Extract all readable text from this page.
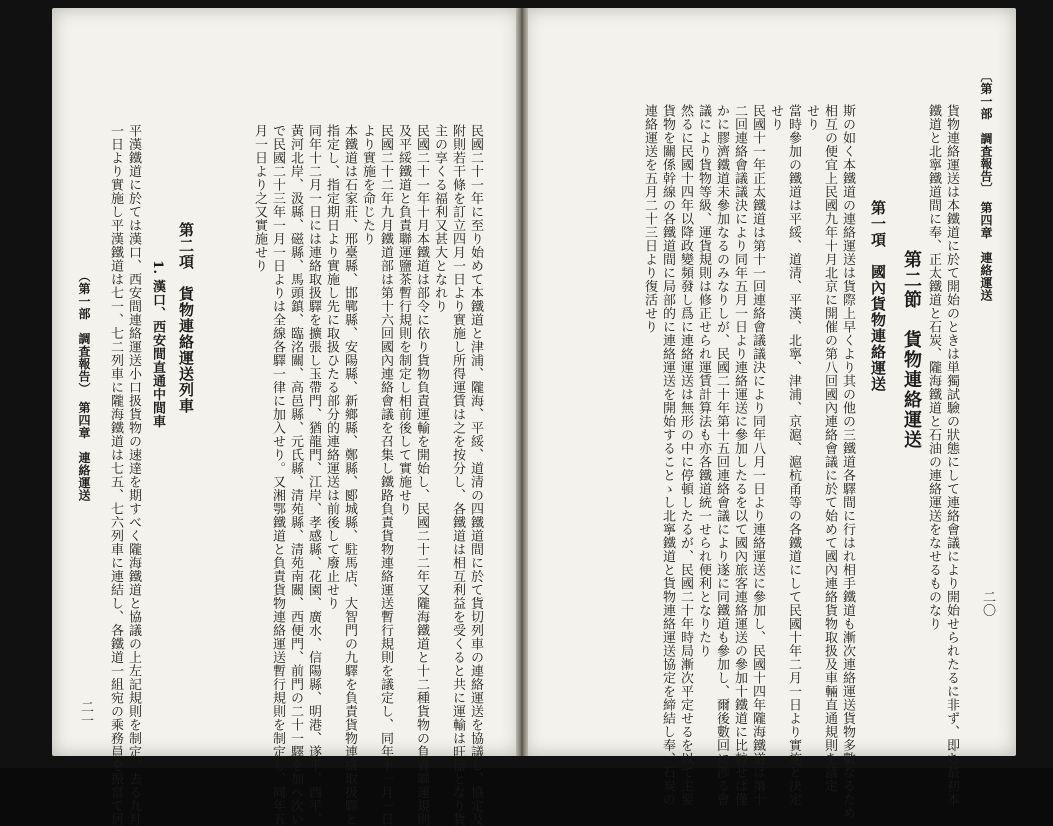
〔第一部　調査報告〕　第四章　連絡運送
二〇
貨物連絡運送は本鐵道に於て開始のときは単獨試驗の狀態にして連絡會議により開始せられたるに非ず、即ち最初本
鐵道と北寧鐵道間に奉、正太鐵道と石炭、隴海鐵道と石油の連絡運送をなせるものなり
第二節　貨物連絡運送
第一項　國內貨物連絡運送
斯の如く本鐵道の連絡運送は貨際上早くより其の他の三鐵道各驛間に行はれ相手鐵道も漸次連絡運送貨物多數なるため
相互の便宜上民國九年十月北京に開催の第八回國內連絡會議に於て始めて國內連絡貨物取扱及車輛直通規則を議定
せり
當時參加の鐵道は平綏、道清、平漢、北寧、津浦、京滬、滬杭甬等の各鐵道にして民國十年二月一日より實施と決定
せり
民國十一年正太鐵道は第十一回連絡會議議決により同年八月一日より連絡運送に參加し、民國十四年隴海鐵道は第十
二回連絡會議議決により同年五月一日より連絡運送に參加したるを以て國內旅客連絡運送の參加十鐵道に比較せば僅
かに膠濟鐵道未參加なるのみなりしが、民國二十年第十五回連絡會議により遂に同鐵道も參加し、爾後數回に渉る會
議により貨物等級、運貨規則は修正せられ運賃計算法も亦各鐵道統一せられ便利となりたり
然るに民國十四年以降政變頻發し爲に連絡運送は無形の中に停頓したるが、民國二十年時局漸次平定せるを以て主要
貨物を關係幹線の各鐵道間に局部的に連絡運送を開始することゝし北寧鐵道と貨物連絡運送協定を締結し奉、石炭の
連絡運送を五月二十三日より復活せり
民國二十一年に至り始めて本鐵道と津浦、隴海、平綏、道清の四鐵道間に於て貨切列車の連絡運送を協議し、協定及
附則若干條を訂立四月一日より實施し所得運賃は之を按分し、各鐵道は相互利益を受くると共に運輸は旺盛となり貨
主の享くる福利又甚大となれり
民國二十一年十月本鐵道は部令に依り貨物負責運輸を開始し、民國二十二年又隴海鐵道と十二種貨物の負責聯運規則
及平綏鐵道と負責聯運鹽茶暫行規則を制定し相前後して實施せり
民國二十二年九月鐵道部は第十六回國內連絡會議を召集し鐵路負責貨物連絡運送暫行規則を議定し、同年十一月一日
より實施を命じたり
本鐵道は石家莊、邢臺縣、邯鄲縣、安陽縣、新鄉縣、鄭縣、郾城縣、駐馬店、大智門の九驛を負責貨物連絡取扱驛と
指定し、指定期日より實施し先に取扱ひたる部分的連絡運送は前後して廢止せり
同年十二月一日には連絡取扱驛を擴張し玉帶門、猶龍門、江岸、孝感縣、花園、廣水、信陽縣、明港、遂平、西平、
黃河北岸、汲縣、磁縣、馬頭鎮、臨洺關、高邑縣、元氏縣、清苑縣、清苑南關、西便門、前門の二十一驛を加へ次い
で民國二十三年一月一日よりは全線各驛一律に加入せり。又湘鄂鐵道と負責貨物連絡運送暫行規則を制定し、同年五
月一日より之又實施せり
第二項　貨物連絡運送列車
1. 漢口、西安間直通中間車
平漢鐵道に於ては漢口、西安間連絡運送小口扱貨物の速達を期すべく隴海鐵道と協議の上左記規則を制定、去る九月
一日より實施し平漢鐵道は七一、七二列車に隴海鐵道は七五、七六列車に連結し、各鐵道一組宛の乘務員を振當て居
（第一部　調査報告）　第四章　連絡運送
二一
